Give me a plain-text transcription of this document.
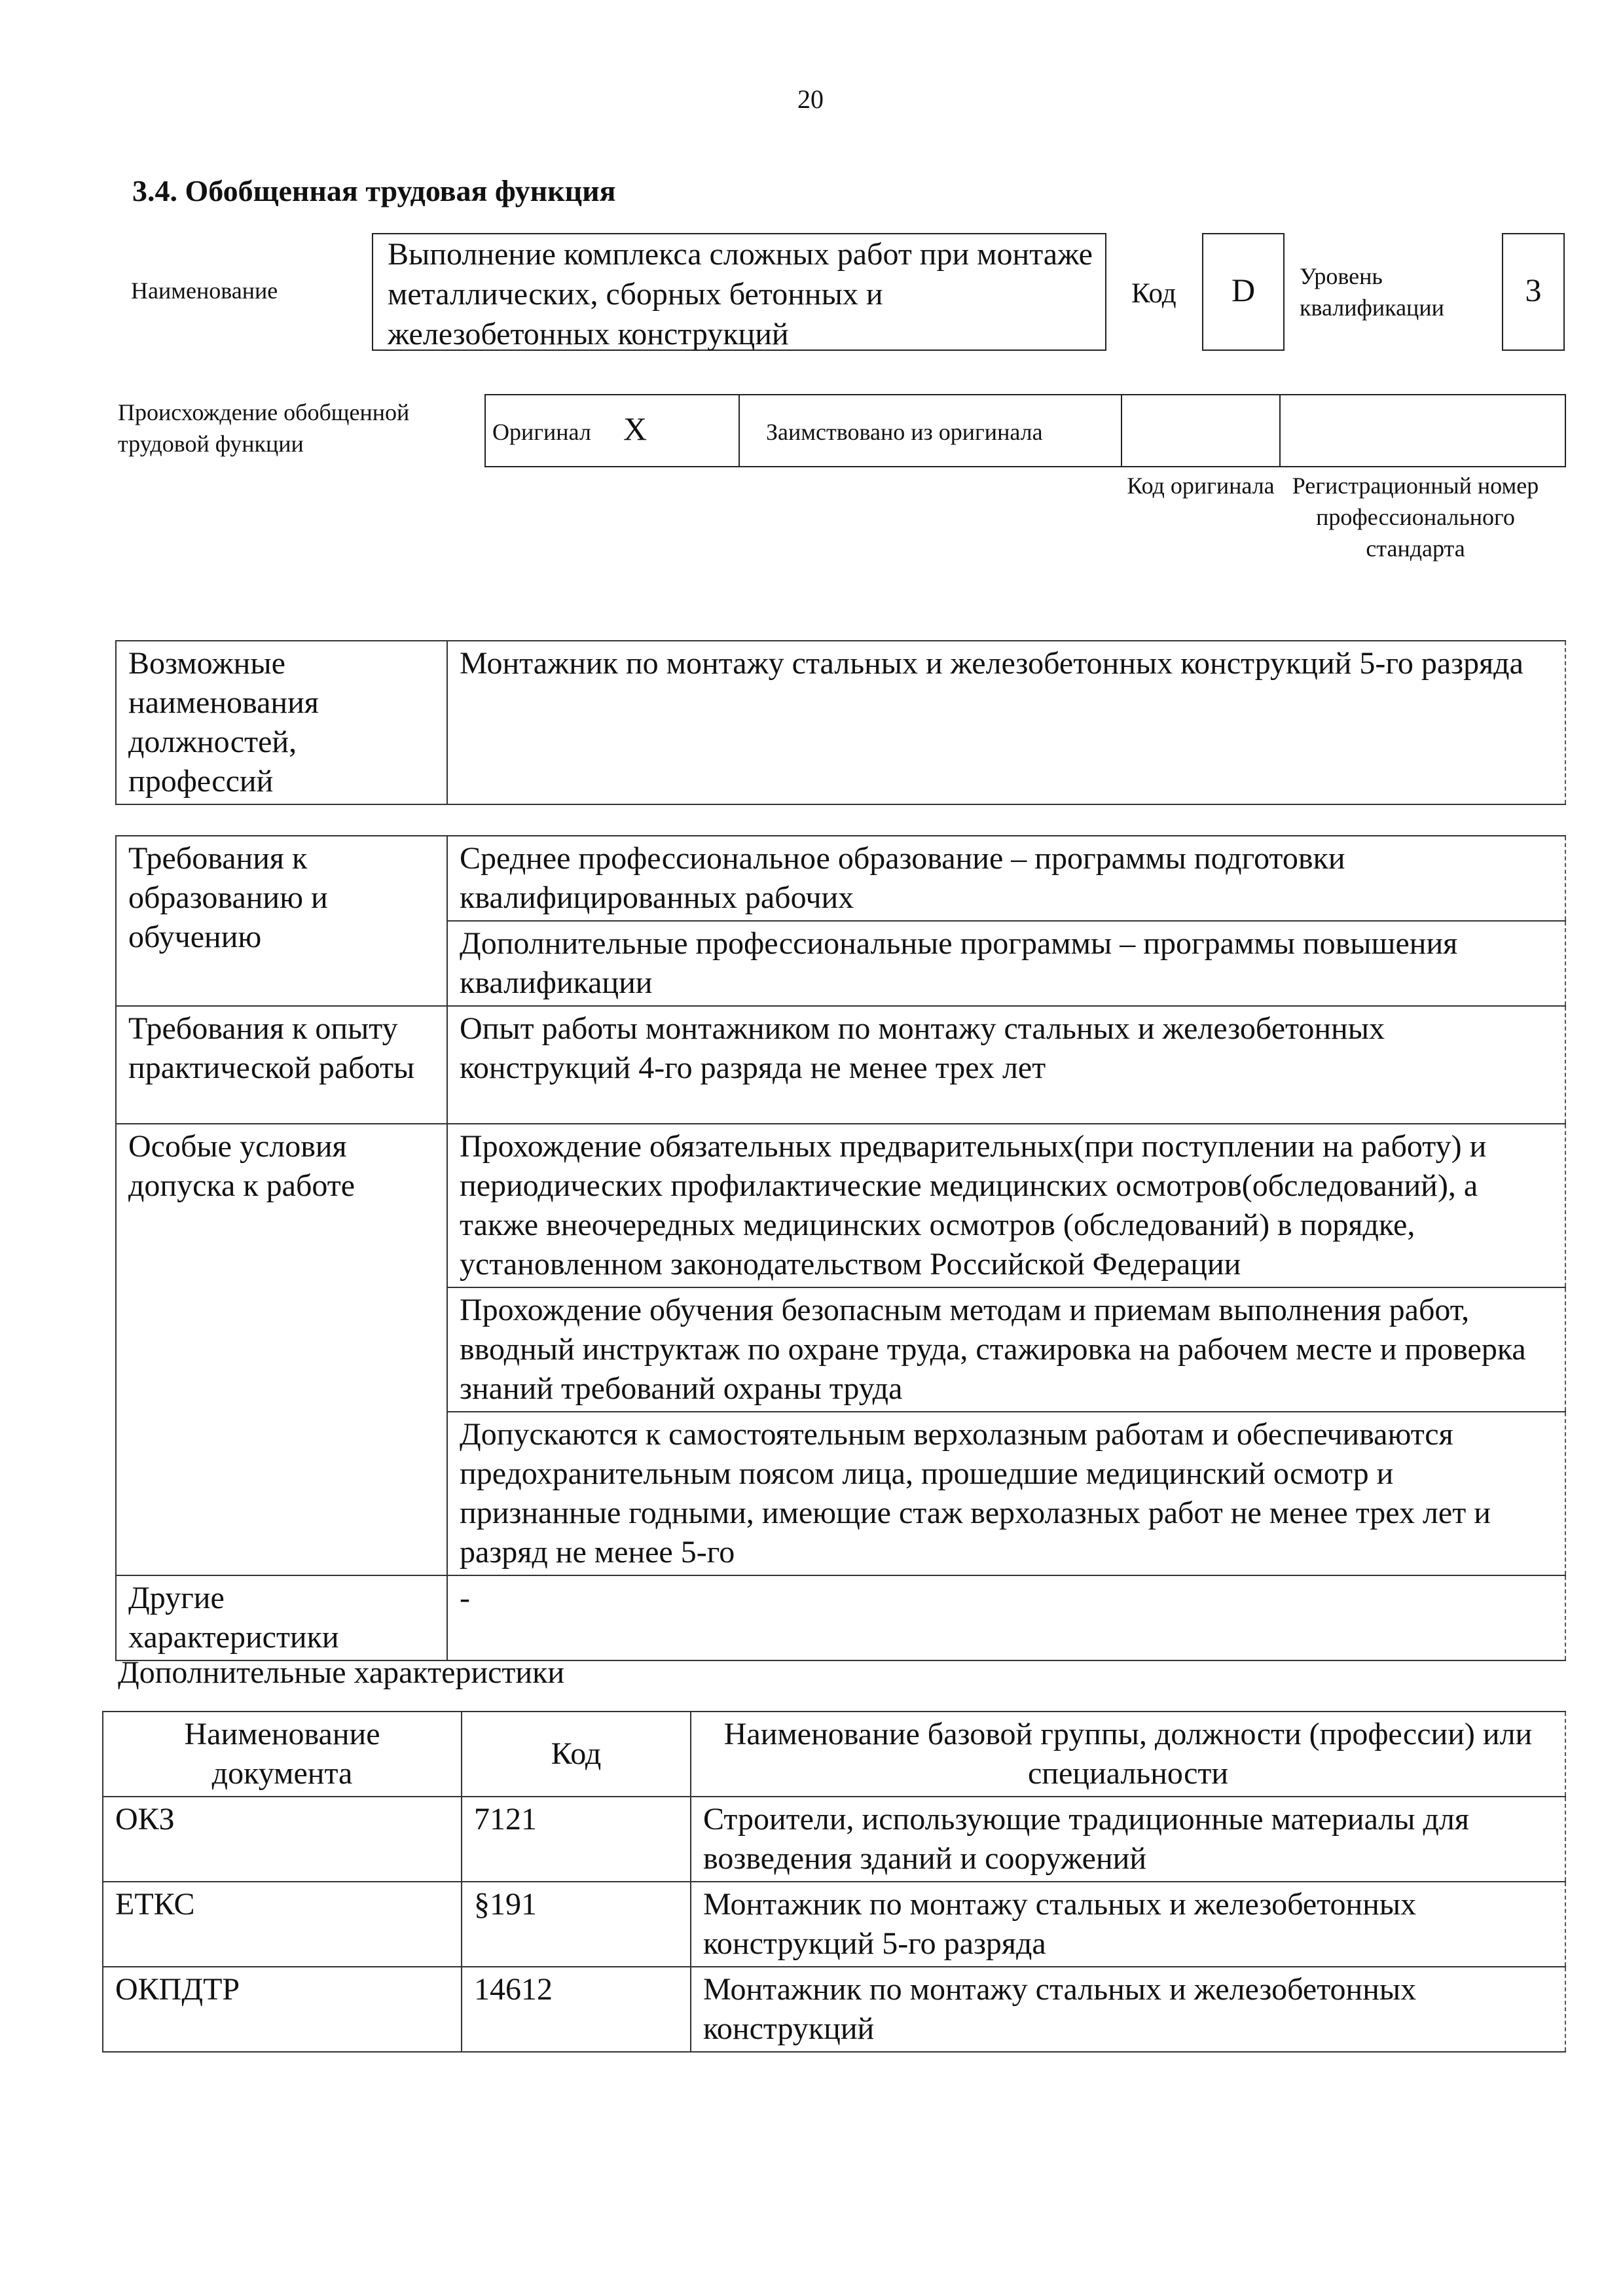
20
3.4. Обобщенная трудовая функция
Наименование
Выполнение комплекса сложных работ при монтаже металлических, сборных бетонных и железобетонных конструкций
Код	D	Уровень квалификации	3
Происхождение обобщенной трудовой функции	Оригинал X	Заимствовано из оригинала
Код оригинала Регистрационный номер профессионального стандарта
Возможные наименования должностей, профессий	Монтажник по монтажу стальных и железобетонных конструкций 5-го разряда
Требования к образованию и обучению	Среднее профессиональное образование – программы подготовки квалифицированных рабочих
	Дополнительные профессиональные программы – программы повышения квалификации
Требования к опыту практической работы	Опыт работы монтажником по монтажу стальных и железобетонных конструкций 4-го разряда не менее трех лет
Особые условия допуска к работе	Прохождение обязательных предварительных(при поступлении на работу) и периодических профилактические медицинских осмотров(обследований), а также внеочередных медицинских осмотров (обследований) в порядке, установленном законодательством Российской Федерации
	Прохождение обучения безопасным методам и приемам выполнения работ, вводный инструктаж по охране труда, стажировка на рабочем месте и проверка знаний требований охраны труда
	Допускаются к самостоятельным верхолазным работам и обеспечиваются предохранительным поясом лица, прошедшие медицинский осмотр и признанные годными, имеющие стаж верхолазных работ не менее трех лет и разряд не менее 5-го
Другие характеристики	-
Дополнительные характеристики
Наименование документа	Код	Наименование базовой группы, должности (профессии) или специальности
ОКЗ	7121	Строители, использующие традиционные материалы для возведения зданий и сооружений
ЕТКС	§191	Монтажник по монтажу стальных и железобетонных конструкций 5-го разряда
ОКПДТР	14612	Монтажник по монтажу стальных и железобетонных конструкций
